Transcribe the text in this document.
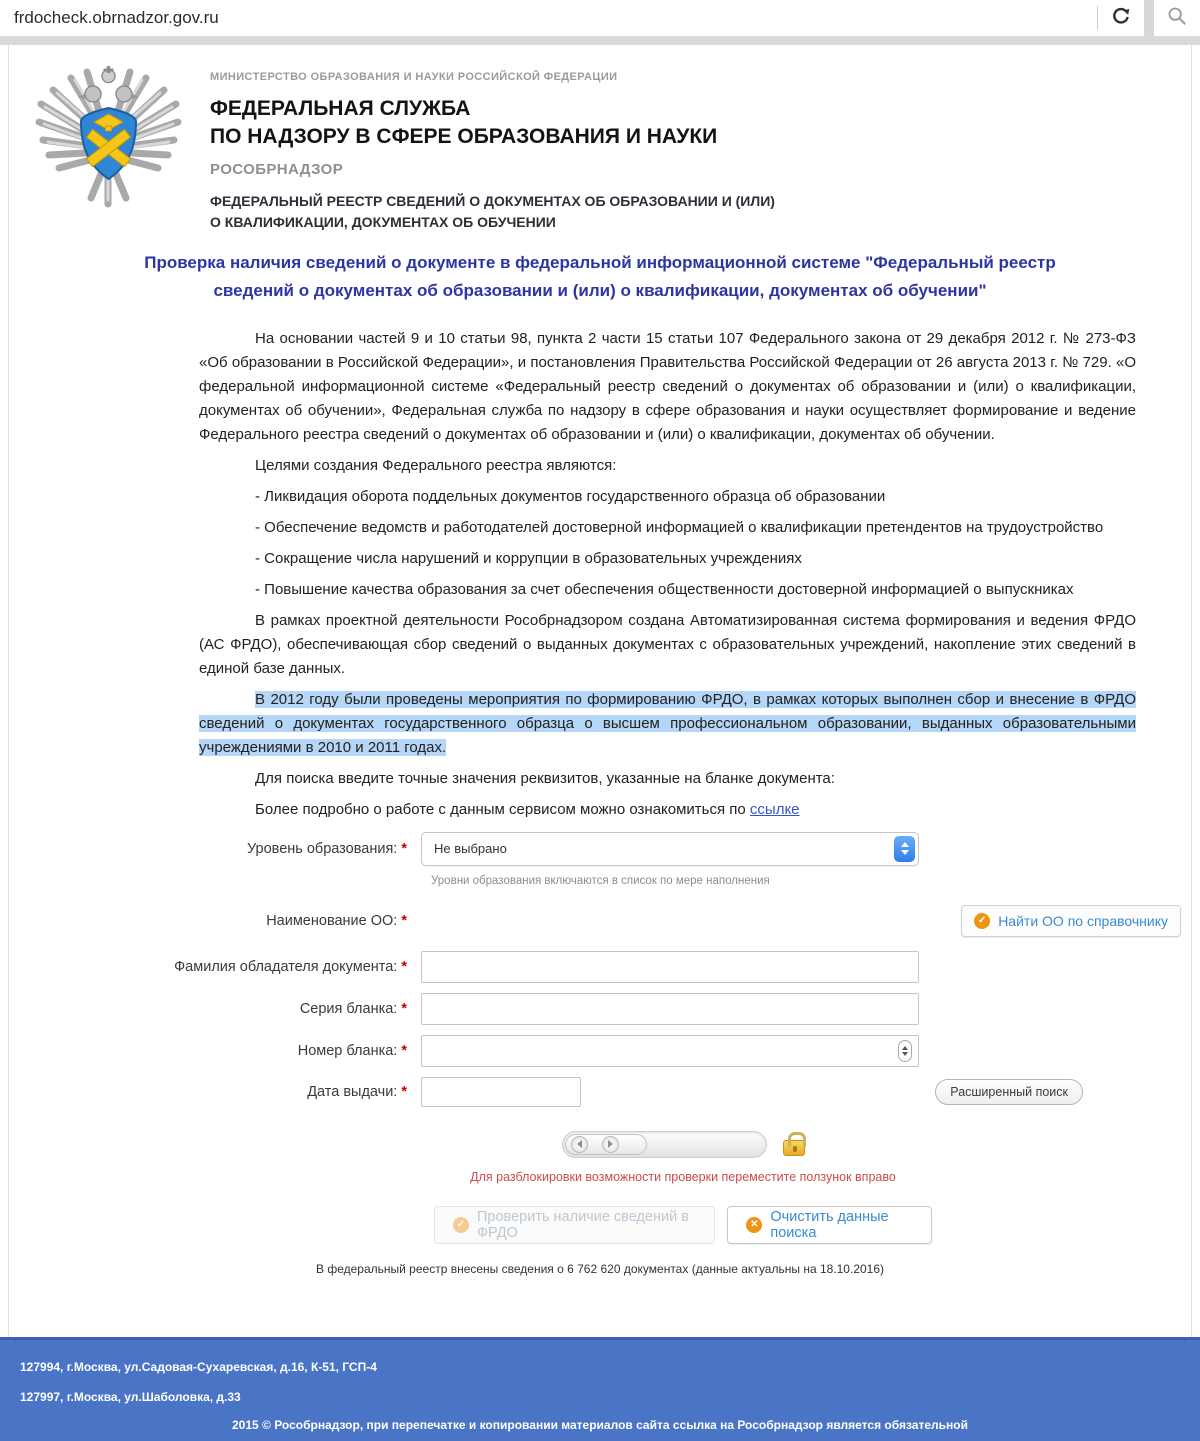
frdocheck.obrnadzor.gov.ru
МИНИСТЕРСТВО ОБРАЗОВАНИЯ И НАУКИ РОССИЙСКОЙ ФЕДЕРАЦИИ
ФЕДЕРАЛЬНАЯ СЛУЖБА
ПО НАДЗОРУ В СФЕРЕ ОБРАЗОВАНИЯ И НАУКИ
РОСОБРНАДЗОР
ФЕДЕРАЛЬНЫЙ РЕЕСТР СВЕДЕНИЙ О ДОКУМЕНТАХ ОБ ОБРАЗОВАНИИ И (ИЛИ)
О КВАЛИФИКАЦИИ, ДОКУМЕНТАХ ОБ ОБУЧЕНИИ
Проверка наличия сведений о документе в федеральной информационной системе "Федеральный реестр сведений о документах об образовании и (или) о квалификации, документах об обучении"

На основании частей 9 и 10 статьи 98, пункта 2 части 15 статьи 107 Федерального закона от 29 декабря 2012 г. № 273-ФЗ «Об образовании в Российской Федерации», и постановления Правительства Российской Федерации от 26 августа 2013 г. № 729. «О федеральной информационной системе «Федеральный реестр сведений о документах об образовании и (или) о квалификации, документах об обучении», Федеральная служба по надзору в сфере образования и науки осуществляет формирование и ведение Федерального реестра сведений о документах об образовании и (или) о квалификации, документах об обучении.

Целями создания Федерального реестра являются:

- Ликвидация оборота поддельных документов государственного образца об образовании

- Обеспечение ведомств и работодателей достоверной информацией о квалификации претендентов на трудоустройство

- Сокращение числа нарушений и коррупции в образовательных учреждениях

- Повышение качества образования за счет обеспечения общественности достоверной информацией о выпускниках

В рамках проектной деятельности Рособрнадзором создана Автоматизированная система формирования и ведения ФРДО (АС ФРДО), обеспечивающая сбор сведений о выданных документах с образовательных учреждений, накопление этих сведений в единой базе данных.

В 2012 году были проведены мероприятия по формированию ФРДО, в рамках которых выполнен сбор и внесение в ФРДО сведений о документах государственного образца о высшем профессиональном образовании, выданных образовательными учреждениями в 2010 и 2011 годах.

Для поиска введите точные значения реквизитов, указанные на бланке документа:

Более подробно о работе с данным сервисом можно ознакомиться по ссылке

Уровень образования: *	Не выбрано
Уровни образования включаются в список по мере наполнения
Наименование ОО: *	✓ Найти ОО по справочнику
Фамилия обладателя документа: *
Серия бланка: *
Номер бланка: *
Дата выдачи: *	Расширенный поиск
Для разблокировки возможности проверки переместите ползунок вправо
✓ Проверить наличие сведений в ФРДО	✕ Очистить данные поиска
В федеральный реестр внесены сведения о 6 762 620 документах (данные актуальны на 18.10.2016)
127994, г.Москва, ул.Садовая-Сухаревская, д.16, К-51, ГСП-4
127997, г.Москва, ул.Шаболовка, д.33
2015 © Рособрнадзор, при перепечатке и копировании материалов сайта ссылка на Рособрнадзор является обязательной
